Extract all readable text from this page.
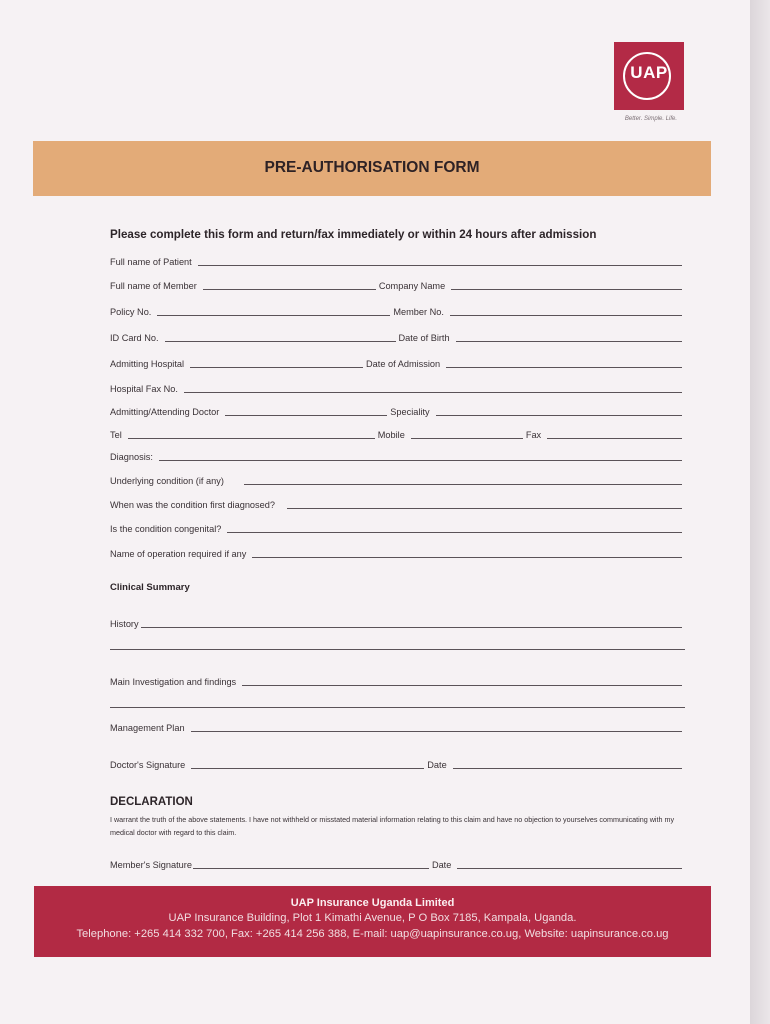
UAP
Better. Simple. Life.
PRE-AUTHORISATION FORM
Please complete this form and return/fax immediately or within 24 hours after admission
Full name of Patient
Full name of Member	Company Name
Policy No.	Member No.
ID Card No.	Date of Birth
Admitting Hospital	Date of Admission
Hospital Fax No.
Admitting/Attending Doctor	Speciality
Tel	Mobile	Fax
Diagnosis:
Underlying condition (if any)
When was the condition first diagnosed?
Is the condition congenital?
Name of operation required if any
Clinical Summary
History
Main Investigation and findings
Management Plan
Doctor's Signature	Date
DECLARATION
I warrant the truth of the above statements. I have not withheld or misstated material information relating to this claim and have no objection to yourselves communicating with my medical doctor with regard to this claim.
Member's Signature	Date
UAP Insurance Uganda Limited
UAP Insurance Building, Plot 1 Kimathi Avenue, P O Box 7185, Kampala, Uganda.
Telephone: +265 414 332 700, Fax: +265 414 256 388, E-mail: uap@uapinsurance.co.ug, Website: uapinsurance.co.ug
